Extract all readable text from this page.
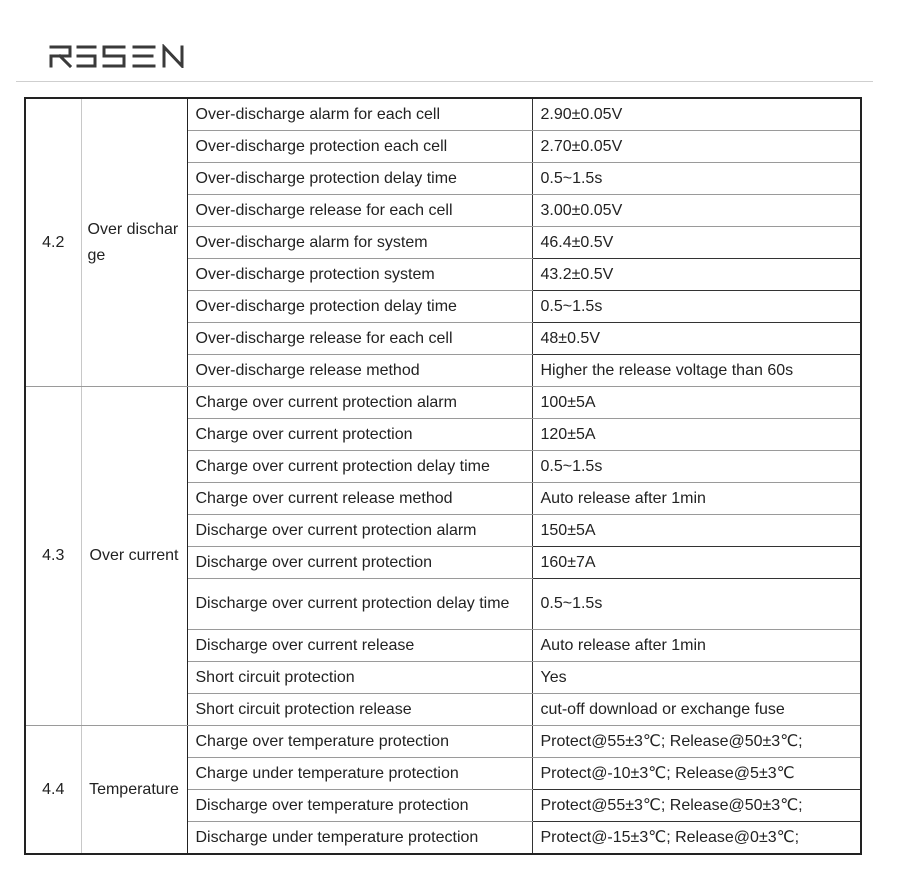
4.2	Over discharge	Over-discharge alarm for each cell	2.90±0.05V
		Over-discharge protection each cell	2.70±0.05V
		Over-discharge protection delay time	0.5~1.5s
		Over-discharge release for each cell	3.00±0.05V
		Over-discharge alarm for system	46.4±0.5V
		Over-discharge protection system	43.2±0.5V
		Over-discharge protection delay time	0.5~1.5s
		Over-discharge release for each cell	48±0.5V
		Over-discharge release method	Higher the release voltage than 60s
4.3	Over current	Charge over current protection alarm	100±5A
		Charge over current protection	120±5A
		Charge over current protection delay time	0.5~1.5s
		Charge over current release method	Auto release after 1min
		Discharge over current protection alarm	150±5A
		Discharge over current protection	160±7A
		Discharge over current protection delay time	0.5~1.5s
		Discharge over current release	Auto release after 1min
		Short circuit protection	Yes
		Short circuit protection release	cut-off download or exchange fuse
4.4	Temperature	Charge over temperature protection	Protect@55±3℃; Release@50±3℃;
		Charge under temperature protection	Protect@-10±3℃; Release@5±3℃
		Discharge over temperature protection	Protect@55±3℃; Release@50±3℃;
		Discharge under temperature protection	Protect@-15±3℃; Release@0±3℃;
